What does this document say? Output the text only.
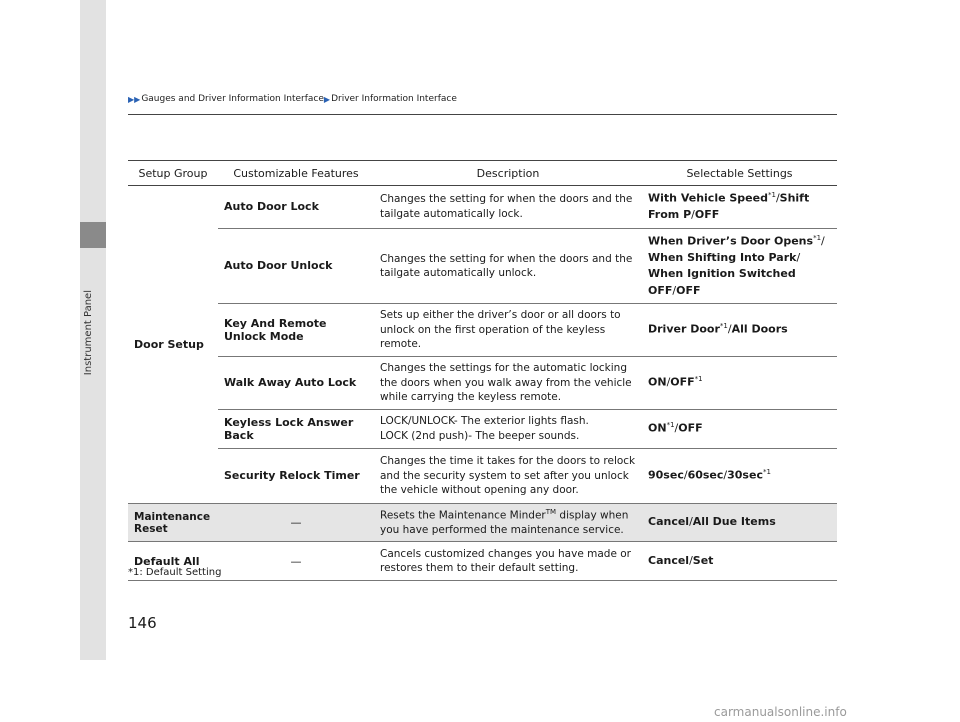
Instrument Panel
▶▶ Gauges and Driver Information Interface ▶ Driver Information Interface
Setup Group	Customizable Features	Description	Selectable Settings
Door Setup	Auto Door Lock	Changes the setting for when the doors and the tailgate automatically lock.	With Vehicle Speed$^{*1}$/Shift From P/OFF
	Auto Door Unlock	Changes the setting for when the doors and the tailgate automatically unlock.	When Driver’s Door Opens$^{*1}$/
When Shifting Into Park/
When Ignition Switched OFF/OFF
	Key And Remote Unlock Mode	Sets up either the driver’s door or all doors to unlock on the first operation of the keyless remote.	Driver Door$^{*1}$/All Doors
	Walk Away Auto Lock	Changes the settings for the automatic locking the doors when you walk away from the vehicle while carrying the keyless remote.	ON/OFF$^{*1}$
	Keyless Lock Answer Back	LOCK/UNLOCK- The exterior lights flash.
LOCK (2nd push)- The beeper sounds.	ON$^{*1}$/OFF
	Security Relock Timer	Changes the time it takes for the doors to relock and the security system to set after you unlock the vehicle without opening any door.	$90\sec/60\sec/30\sec^{*1}$
Maintenance Reset	—	Resets the Maintenance Minder™ display when you have performed the maintenance service.	Cancel/All Due Items
Default All	—	Cancels customized changes you have made or restores them to their default setting.	Cancel/Set
*1: Default Setting
146
carmanualsonline.info
